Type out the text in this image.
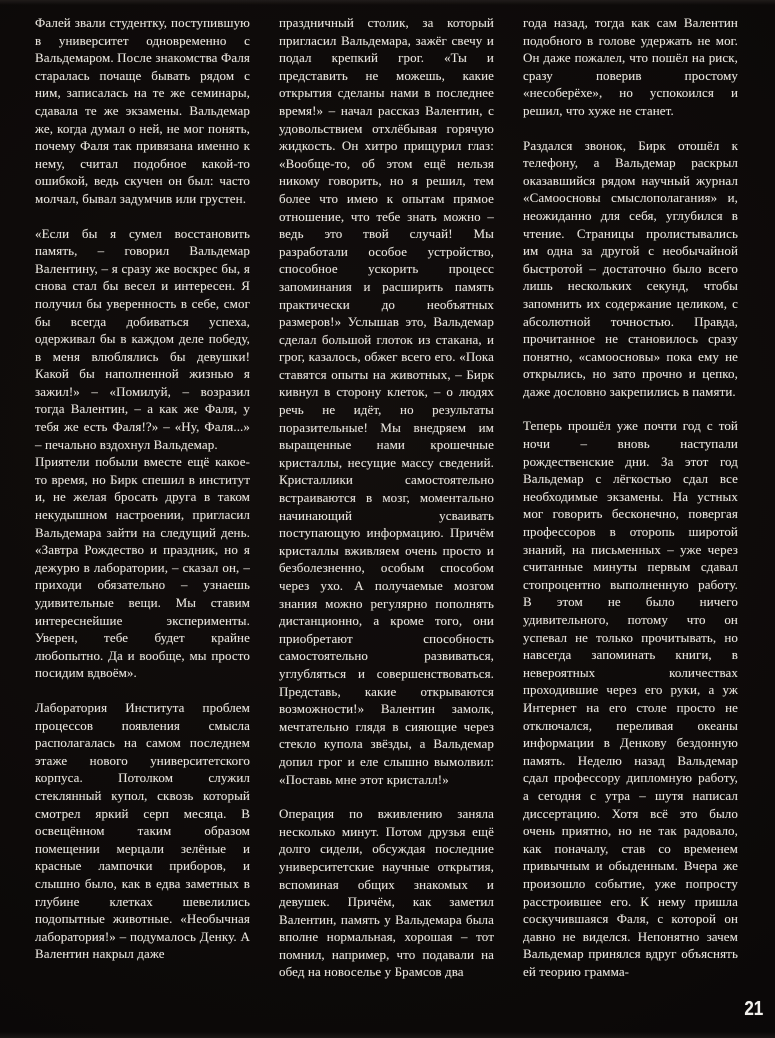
Фалей звали студентку, поступившую в университет одновременно с Вальдемаром. После знакомства Фаля старалась почаще бывать рядом с ним, записалась на те же семинары, сдавала те же экзамены. Вальдемар же, когда думал о ней, не мог понять, почему Фаля так привязана именно к нему, считал подобное какой-то ошибкой, ведь скучен он был: часто молчал, бывал задумчив или грустен.

«Если бы я сумел восстановить память, – говорил Вальдемар Валентину, – я сразу же воскрес бы, я снова стал бы весел и интересен. Я получил бы уверенность в себе, смог бы всегда добиваться успеха, одерживал бы в каждом деле победу, в меня влюблялись бы девушки! Какой бы наполненной жизнью я зажил!» – «Помилуй, – возразил тогда Валентин, – а как же Фаля, у тебя же есть Фаля!?» – «Ну, Фаля...» – печально вздохнул Вальдемар.

Приятели побыли вместе ещё какое-то время, но Бирк спешил в институт и, не желая бросать друга в таком некудышном настроении, пригласил Вальдемара зайти на следущий день. «Завтра Рождество и праздник, но я дежурю в лаборатории, – сказал он, – приходи обязательно – узнаешь удивительные вещи. Мы ставим интереснейшие эксперименты. Уверен, тебе будет крайне любопытно. Да и вообще, мы просто посидим вдвоём».

Лаборатория Института проблем процессов появления смысла располагалась на самом последнем этаже нового университетского корпуса. Потолком служил стеклянный купол, сквозь который смотрел яркий серп месяца. В освещённом таким образом помещении мерцали зелёные и красные лампочки приборов, и слышно было, как в едва заметных в глубине клетках шевелились подопытные животные. «Необычная лаборатория!» – подумалось Денку. А Валентин накрыл даже

праздничный столик, за который пригласил Вальдемара, зажёг свечу и подал крепкий грог. «Ты и представить не можешь, какие открытия сделаны нами в последнее время!» – начал рассказ Валентин, с удовольствием отхлёбывая горячую жидкость. Он хитро прищурил глаз: «Вообще-то, об этом ещё нельзя никому говорить, но я решил, тем более что имею к опытам прямое отношение, что тебе знать можно – ведь это твой случай! Мы разработали особое устройство, способное ускорить процесс запоминания и расширить память практически до необъятных размеров!» Услышав это, Вальдемар сделал большой глоток из стакана, и грог, казалось, обжег всего его. «Пока ставятся опыты на животных, – Бирк кивнул в сторону клеток, – о людях речь не идёт, но результаты поразительные! Мы внедряем им выращенные нами крошечные кристаллы, несущие массу сведений. Кристаллики самостоятельно встраиваются в мозг, моментально начинающий усваивать поступающую информацию. Причём кристаллы вживляем очень просто и безболезненно, особым способом через ухо. А получаемые мозгом знания можно регулярно пополнять дистанционно, а кроме того, они приобретают способность самостоятельно развиваться, углубляться и совершенствоваться. Представь, какие открываются возможности!» Валентин замолк, мечтательно глядя в сияющие через стекло купола звёзды, а Вальдемар допил грог и еле слышно вымолвил: «Поставь мне этот кристалл!»

Операция по вживлению заняла несколько минут. Потом друзья ещё долго сидели, обсуждая последние университетские научные открытия, вспоминая общих знакомых и девушек. Причём, как заметил Валентин, память у Вальдемара была вполне нормальная, хорошая – тот помнил, например, что подавали на обед на новоселье у Брамсов два

года назад, тогда как сам Валентин подобного в голове удержать не мог. Он даже пожалел, что пошёл на риск, сразу поверив простому «несоберёхе», но успокоился и решил, что хуже не станет.

Раздался звонок, Бирк отошёл к телефону, а Вальдемар раскрыл оказавшийся рядом научный журнал «Самоосновы смыслополагания» и, неожиданно для себя, углубился в чтение. Страницы пролистывались им одна за другой с необычайной быстротой – достаточно было всего лишь нескольких секунд, чтобы запомнить их содержание целиком, с абсолютной точностью. Правда, прочитанное не становилось сразу понятно, «самоосновы» пока ему не открылись, но зато прочно и цепко, даже дословно закрепились в памяти.

Теперь прошёл уже почти год с той ночи – вновь наступали рождественские дни. За этот год Вальдемар с лёгкостью сдал все необходимые экзамены. На устных мог говорить бесконечно, повергая профессоров в оторопь широтой знаний, на письменных – уже через считанные минуты первым сдавал стопроцентно выполненную работу. В этом не было ничего удивительного, потому что он успевал не только прочитывать, но навсегда запоминать книги, в невероятных количествах проходившие через его руки, а уж Интернет на его столе просто не отключался, переливая океаны информации в Денкову бездонную память. Неделю назад Вальдемар сдал профессору дипломную работу, а сегодня с утра – шутя написал диссертацию. Хотя всё это было очень приятно, но не так радовало, как поначалу, став со временем привычным и обыденным. Вчера же произошло событие, уже попросту расстроившее его. К нему пришла соскучившаяся Фаля, с которой он давно не виделся. Непонятно зачем Вальдемар принялся вдруг объяснять ей теорию грамма-

21
